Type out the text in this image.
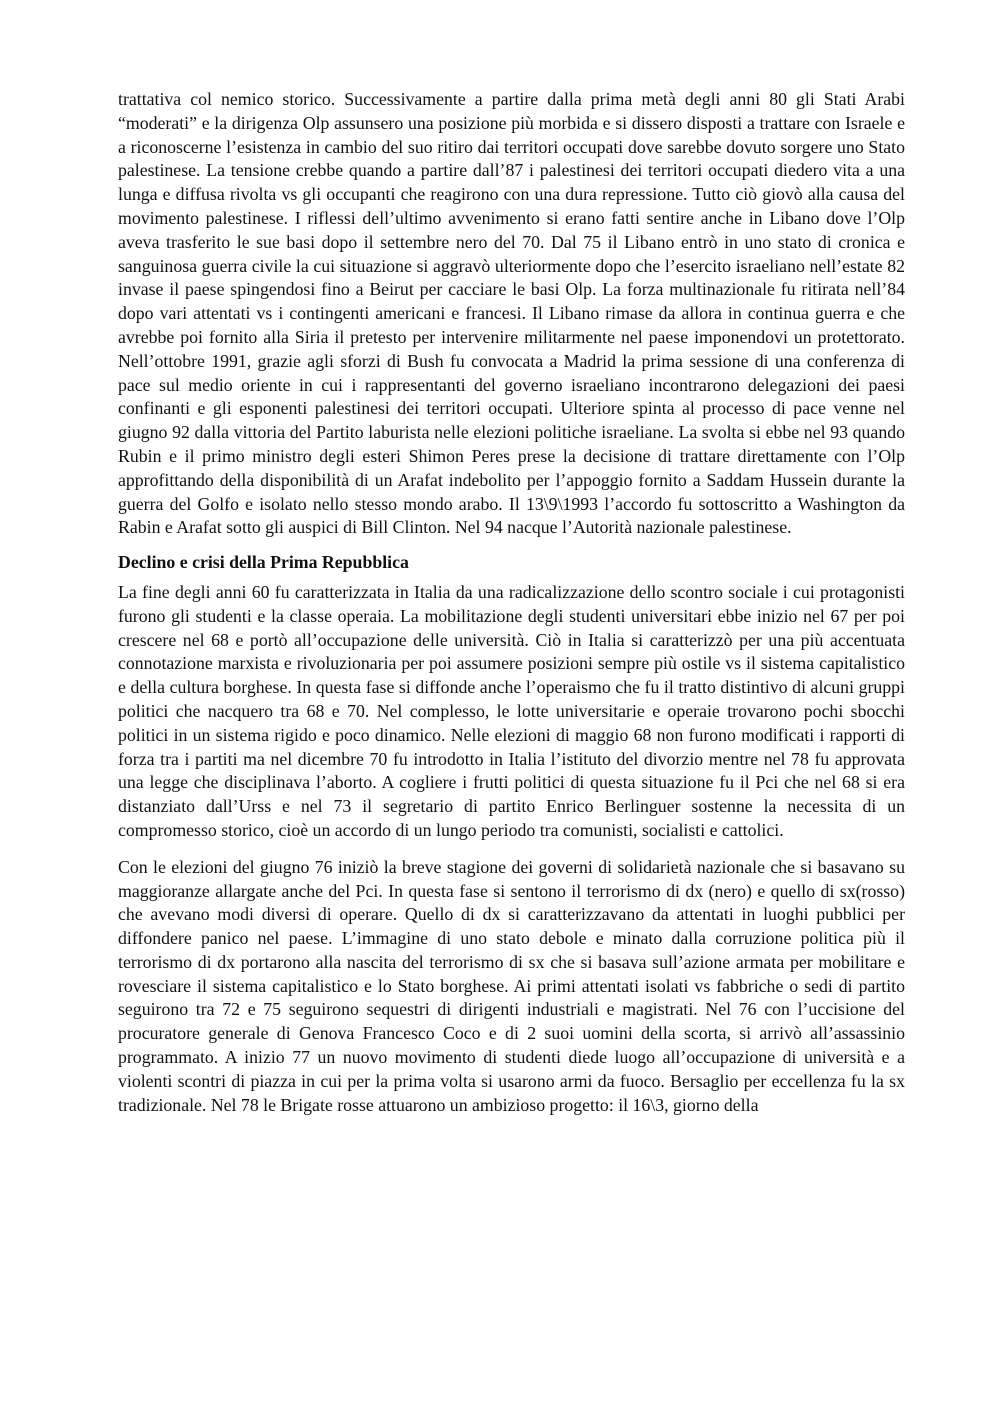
trattativa col nemico storico. Successivamente a partire dalla prima metà degli anni 80 gli Stati Arabi “moderati” e la dirigenza Olp assunsero una posizione più morbida e si dissero disposti a trattare con Israele e a riconoscerne l’esistenza in cambio del suo ritiro dai territori occupati dove sarebbe dovuto sorgere uno Stato palestinese. La tensione crebbe quando a partire dall’87 i palestinesi dei territori occupati diedero vita a una lunga e diffusa rivolta vs gli occupanti che reagirono con una dura repressione. Tutto ciò giovò alla causa del movimento palestinese. I riflessi dell’ultimo avvenimento si erano fatti sentire anche in Libano dove l’Olp aveva trasferito le sue basi dopo il settembre nero del 70. Dal 75 il Libano entrò in uno stato di cronica e sanguinosa guerra civile la cui situazione si aggravò ulteriormente dopo che l’esercito israeliano nell’estate 82 invase il paese spingendosi fino a Beirut per cacciare le basi Olp. La forza multinazionale fu ritirata nell’84 dopo vari attentati vs i contingenti americani e francesi. Il Libano rimase da allora in continua guerra e che avrebbe poi fornito alla Siria il pretesto per intervenire militarmente nel paese imponendovi un protettorato. Nell’ottobre 1991, grazie agli sforzi di Bush fu convocata a Madrid la prima sessione di una conferenza di pace sul medio oriente in cui i rappresentanti del governo israeliano incontrarono delegazioni dei paesi confinanti e gli esponenti palestinesi dei territori occupati. Ulteriore spinta al processo di pace venne nel giugno 92 dalla vittoria del Partito laburista nelle elezioni politiche israeliane. La svolta si ebbe nel 93 quando Rubin e il primo ministro degli esteri Shimon Peres prese la decisione di trattare direttamente con l’Olp approfittando della disponibilità di un Arafat indebolito per l’appoggio fornito a Saddam Hussein durante la guerra del Golfo e isolato nello stesso mondo arabo. Il 13\9\1993 l’accordo fu sottoscritto a Washington da Rabin e Arafat sotto gli auspici di Bill Clinton. Nel 94 nacque l’Autorità nazionale palestinese.

Declino e crisi della Prima Repubblica

La fine degli anni 60 fu caratterizzata in Italia da una radicalizzazione dello scontro sociale i cui protagonisti furono gli studenti e la classe operaia. La mobilitazione degli studenti universitari ebbe inizio nel 67 per poi crescere nel 68 e portò all’occupazione delle università. Ciò in Italia si caratterizzò per una più accentuata connotazione marxista e rivoluzionaria per poi assumere posizioni sempre più ostile vs il sistema capitalistico e della cultura borghese. In questa fase si diffonde anche l’operaismo che fu il tratto distintivo di alcuni gruppi politici che nacquero tra 68 e 70. Nel complesso, le lotte universitarie e operaie trovarono pochi sbocchi politici in un sistema rigido e poco dinamico. Nelle elezioni di maggio 68 non furono modificati i rapporti di forza tra i partiti ma nel dicembre 70 fu introdotto in Italia l’istituto del divorzio mentre nel 78 fu approvata una legge che disciplinava l’aborto. A cogliere i frutti politici di questa situazione fu il Pci che nel 68 si era distanziato dall’Urss e nel 73 il segretario di partito Enrico Berlinguer sostenne la necessita di un compromesso storico, cioè un accordo di un lungo periodo tra comunisti, socialisti e cattolici.

Con le elezioni del giugno 76 iniziò la breve stagione dei governi di solidarietà nazionale che si basavano su maggioranze allargate anche del Pci. In questa fase si sentono il terrorismo di dx (nero) e quello di sx(rosso) che avevano modi diversi di operare. Quello di dx si caratterizzavano da attentati in luoghi pubblici per diffondere panico nel paese. L’immagine di uno stato debole e minato dalla corruzione politica più il terrorismo di dx portarono alla nascita del terrorismo di sx che si basava sull’azione armata per mobilitare e rovesciare il sistema capitalistico e lo Stato borghese. Ai primi attentati isolati vs fabbriche o sedi di partito seguirono tra 72 e 75 seguirono sequestri di dirigenti industriali e magistrati. Nel 76 con l’uccisione del procuratore generale di Genova Francesco Coco e di 2 suoi uomini della scorta, si arrivò all’assassinio programmato. A inizio 77 un nuovo movimento di studenti diede luogo all’occupazione di università e a violenti scontri di piazza in cui per la prima volta si usarono armi da fuoco. Bersaglio per eccellenza fu la sx tradizionale. Nel 78 le Brigate rosse attuarono un ambizioso progetto: il 16\3, giorno della
